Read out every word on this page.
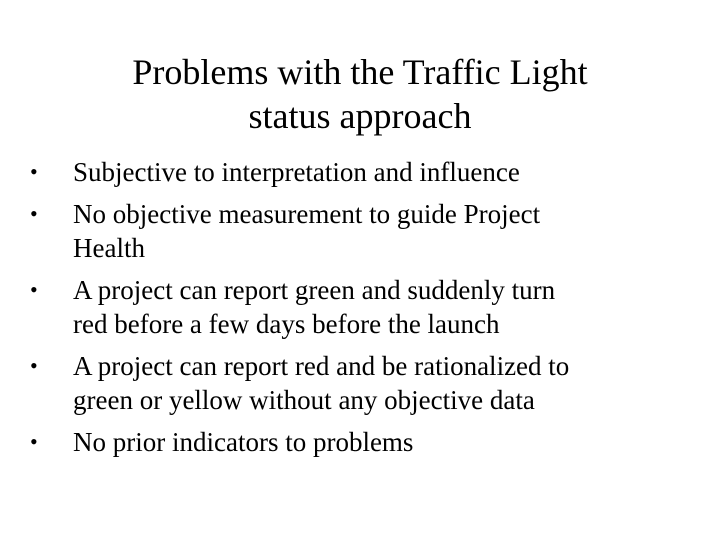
Problems with the Traffic Light
status approach
• Subjective to interpretation and influence
• No objective measurement to guide Project
Health
• A project can report green and suddenly turn
red before a few days before the launch
• A project can report red and be rationalized to
green or yellow without any objective data
• No prior indicators to problems
